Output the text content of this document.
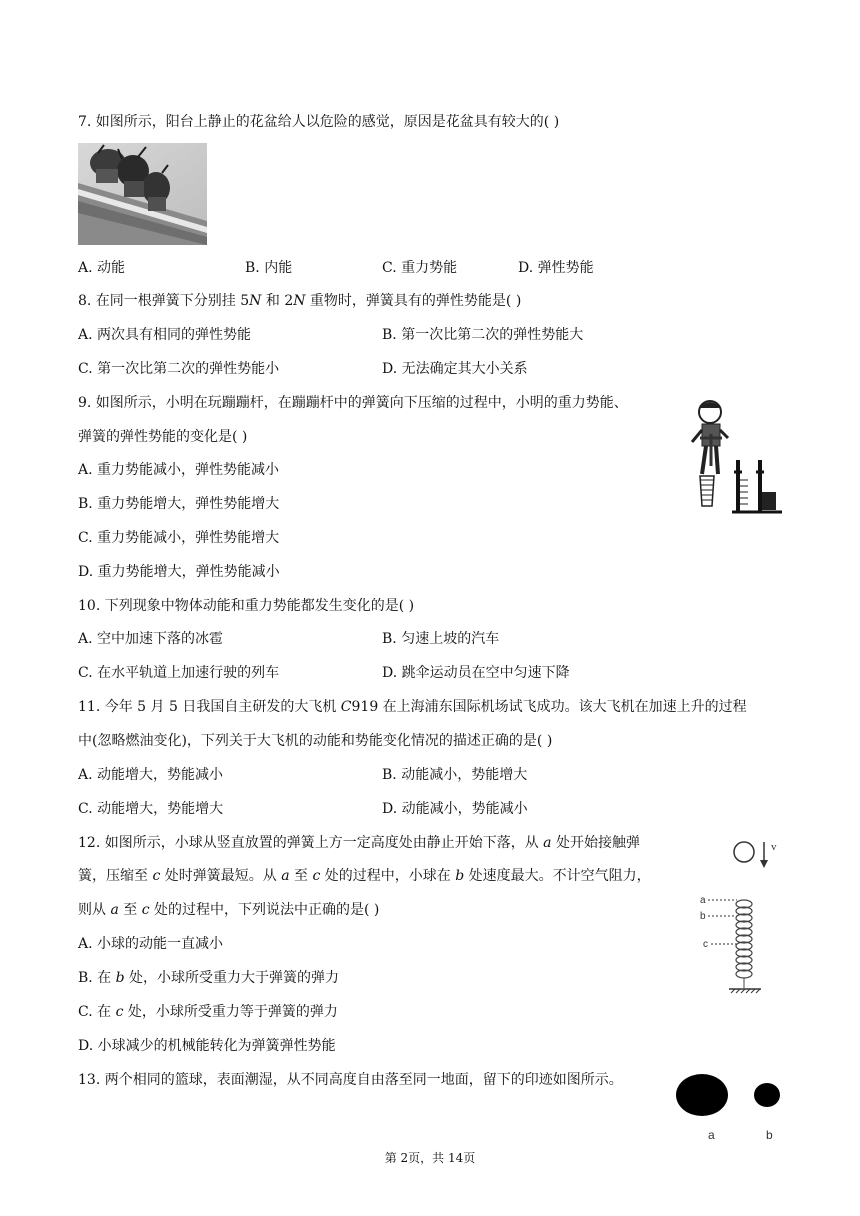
7. 如图所示，阳台上静止的花盆给人以危险的感觉，原因是花盆具有较大的( )
A. 动能	B. 内能	C. 重力势能	D. 弹性势能
8. 在同一根弹簧下分别挂 5N 和 2N 重物时，弹簧具有的弹性势能是( )
A. 两次具有相同的弹性势能	B. 第一次比第二次的弹性势能大
C. 第一次比第二次的弹性势能小	D. 无法确定其大小关系
9. 如图所示，小明在玩蹦蹦杆，在蹦蹦杆中的弹簧向下压缩的过程中，小明的重力势能、
弹簧的弹性势能的变化是( )
A. 重力势能减小，弹性势能减小
B. 重力势能增大，弹性势能增大
C. 重力势能减小，弹性势能增大
D. 重力势能增大，弹性势能减小
10. 下列现象中物体动能和重力势能都发生变化的是( )
A. 空中加速下落的冰雹	B. 匀速上坡的汽车
C. 在水平轨道上加速行驶的列车	D. 跳伞运动员在空中匀速下降
11. 今年 5 月 5 日我国自主研发的大飞机 C919 在上海浦东国际机场试飞成功。该大飞机在加速上升的过程
中(忽略燃油变化)，下列关于大飞机的动能和势能变化情况的描述正确的是( )
A. 动能增大，势能减小	B. 动能减小，势能增大
C. 动能增大，势能增大	D. 动能减小，势能减小
12. 如图所示，小球从竖直放置的弹簧上方一定高度处由静止开始下落，从 a 处开始接触弹
簧，压缩至 c 处时弹簧最短。从 a 至 c 处的过程中，小球在 b 处速度最大。不计空气阻力，
则从 a 至 c 处的过程中，下列说法中正确的是( )
A. 小球的动能一直减小
B. 在 b 处，小球所受重力大于弹簧的弹力
C. 在 c 处，小球所受重力等于弹簧的弹力
D. 小球减少的机械能转化为弹簧弹性势能
v
a
b
c
13. 两个相同的篮球，表面潮湿，从不同高度自由落至同一地面，留下的印迹如图所示。
a	b
第 2页，共 14页
